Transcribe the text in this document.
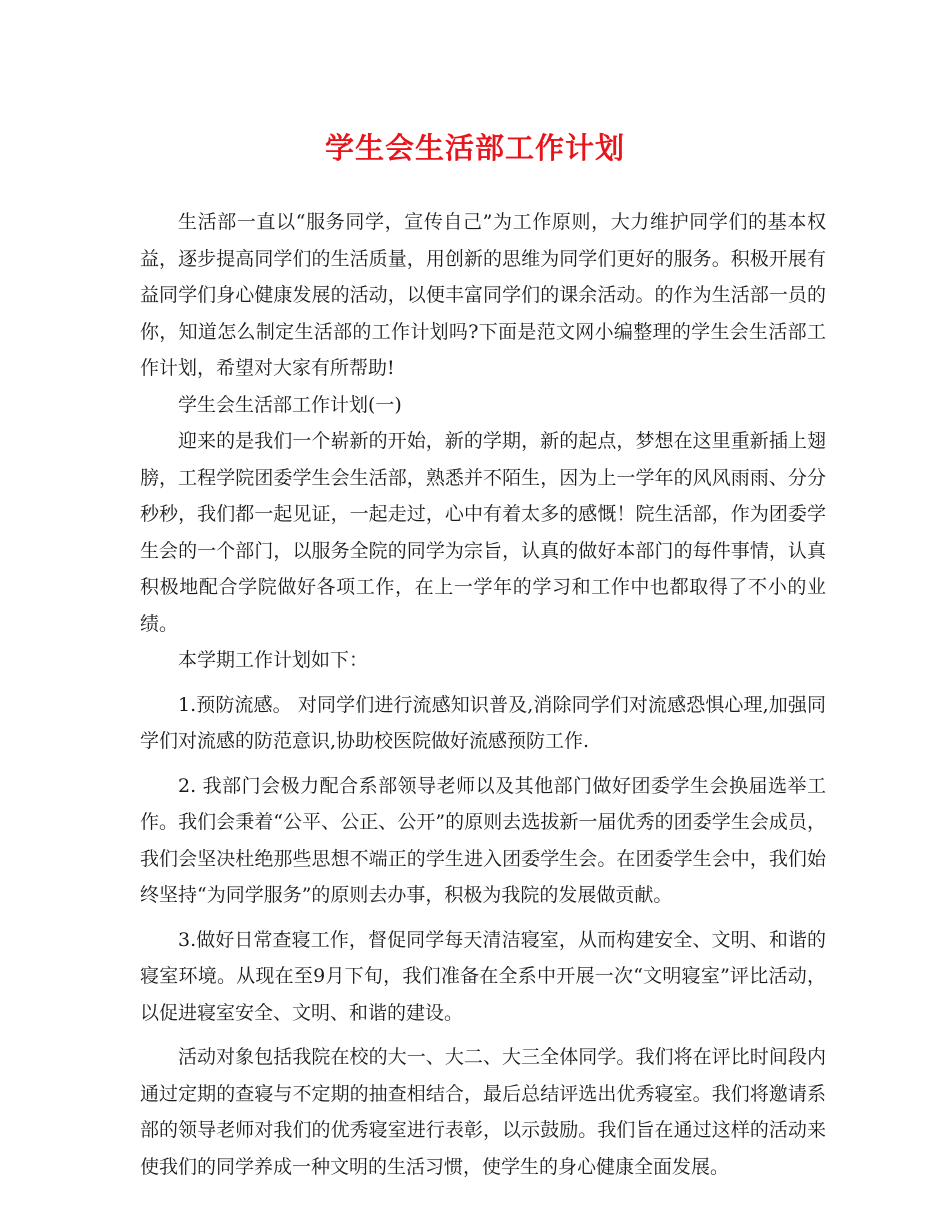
学生会生活部工作计划

生活部一直以“服务同学，宣传自己”为工作原则，大力维护同学们的基本权益，逐步提高同学们的生活质量，用创新的思维为同学们更好的服务。积极开展有益同学们身心健康发展的活动，以便丰富同学们的课余活动。的作为生活部一员的你，知道怎么制定生活部的工作计划吗?下面是范文网小编整理的学生会生活部工作计划，希望对大家有所帮助!

学生会生活部工作计划(一)

迎来的是我们一个崭新的开始，新的学期，新的起点，梦想在这里重新插上翅膀，工程学院团委学生会生活部，熟悉并不陌生，因为上一学年的风风雨雨、分分秒秒，我们都一起见证，一起走过，心中有着太多的感慨！院生活部，作为团委学生会的一个部门，以服务全院的同学为宗旨，认真的做好本部门的每件事情，认真积极地配合学院做好各项工作，在上一学年的学习和工作中也都取得了不小的业绩。

本学期工作计划如下：

1.预防流感。 对同学们进行流感知识普及,消除同学们对流感恐惧心理,加强同学们对流感的防范意识,协助校医院做好流感预防工作.

2. 我部门会极力配合系部领导老师以及其他部门做好团委学生会换届选举工作。我们会秉着“公平、公正、公开”的原则去选拔新一届优秀的团委学生会成员，我们会坚决杜绝那些思想不端正的学生进入团委学生会。在团委学生会中，我们始终坚持“为同学服务”的原则去办事，积极为我院的发展做贡献。

3.做好日常查寝工作，督促同学每天清洁寝室，从而构建安全、文明、和谐的寝室环境。从现在至9月下旬，我们准备在全系中开展一次“文明寝室”评比活动，以促进寝室安全、文明、和谐的建设。

活动对象包括我院在校的大一、大二、大三全体同学。我们将在评比时间段内通过定期的查寝与不定期的抽查相结合，最后总结评选出优秀寝室。我们将邀请系部的领导老师对我们的优秀寝室进行表彰，以示鼓励。我们旨在通过这样的活动来使我们的同学养成一种文明的生活习惯，使学生的身心健康全面发展。
